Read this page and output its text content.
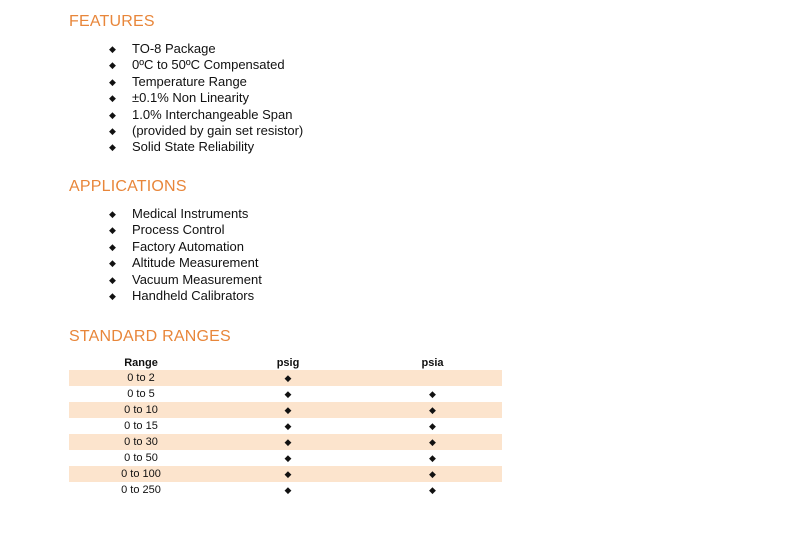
FEATURES
◆ TO-8 Package
◆ 0ºC to 50ºC Compensated
◆ Temperature Range
◆ ±0.1% Non Linearity
◆ 1.0% Interchangeable Span
◆ (provided by gain set resistor)
◆ Solid State Reliability
APPLICATIONS
◆ Medical Instruments
◆ Process Control
◆ Factory Automation
◆ Altitude Measurement
◆ Vacuum Measurement
◆ Handheld Calibrators
STANDARD RANGES
Range	psig	psia
0 to 2	◆	
0 to 5	◆	◆
0 to 10	◆	◆
0 to 15	◆	◆
0 to 30	◆	◆
0 to 50	◆	◆
0 to 100	◆	◆
0 to 250	◆	◆
